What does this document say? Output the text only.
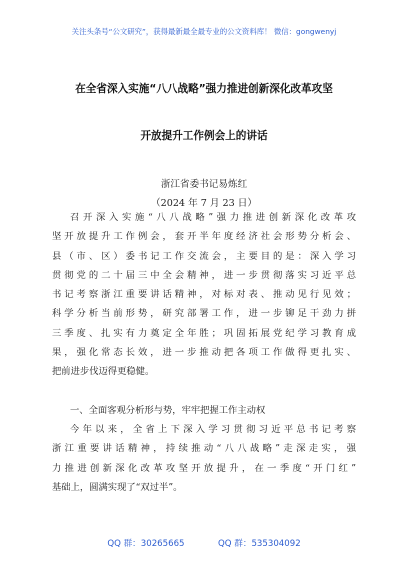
关注头条号“公文研究”，获得最新最全最专业的公文资料库！ 微信：gongwenyj
在全省深入实施“八八战略”强力推进创新深化改革攻坚
开放提升工作例会上的讲话
浙江省委书记易炼红
（2024 年 7 月 23 日）
召开深入实施“八八战略”强力推进创新深化改革攻
坚开放提升工作例会，套开半年度经济社会形势分析会、
县（市、区）委书记工作交流会，主要目的是：深入学习
贯彻党的二十届三中全会精神，进一步贯彻落实习近平总
书记考察浙江重要讲话精神，对标对表、推动见行见效；
科学分析当前形势，研究部署工作，进一步铆足干劲力拼
三季度、扎实有力奠定全年胜；巩固拓展党纪学习教育成
果，强化常态长效，进一步推动把各项工作做得更扎实、
把前进步伐迈得更稳健。
一、全面客观分析形与势，牢牢把握工作主动权
今年以来，全省上下深入学习贯彻习近平总书记考察
浙江重要讲话精神，持续推动“八八战略”走深走实，强
力推进创新深化改革攻坚开放提升，在一季度“开门红”
基础上，圆满实现了“双过半”。
QQ 群：30265665	QQ 群：535304092
